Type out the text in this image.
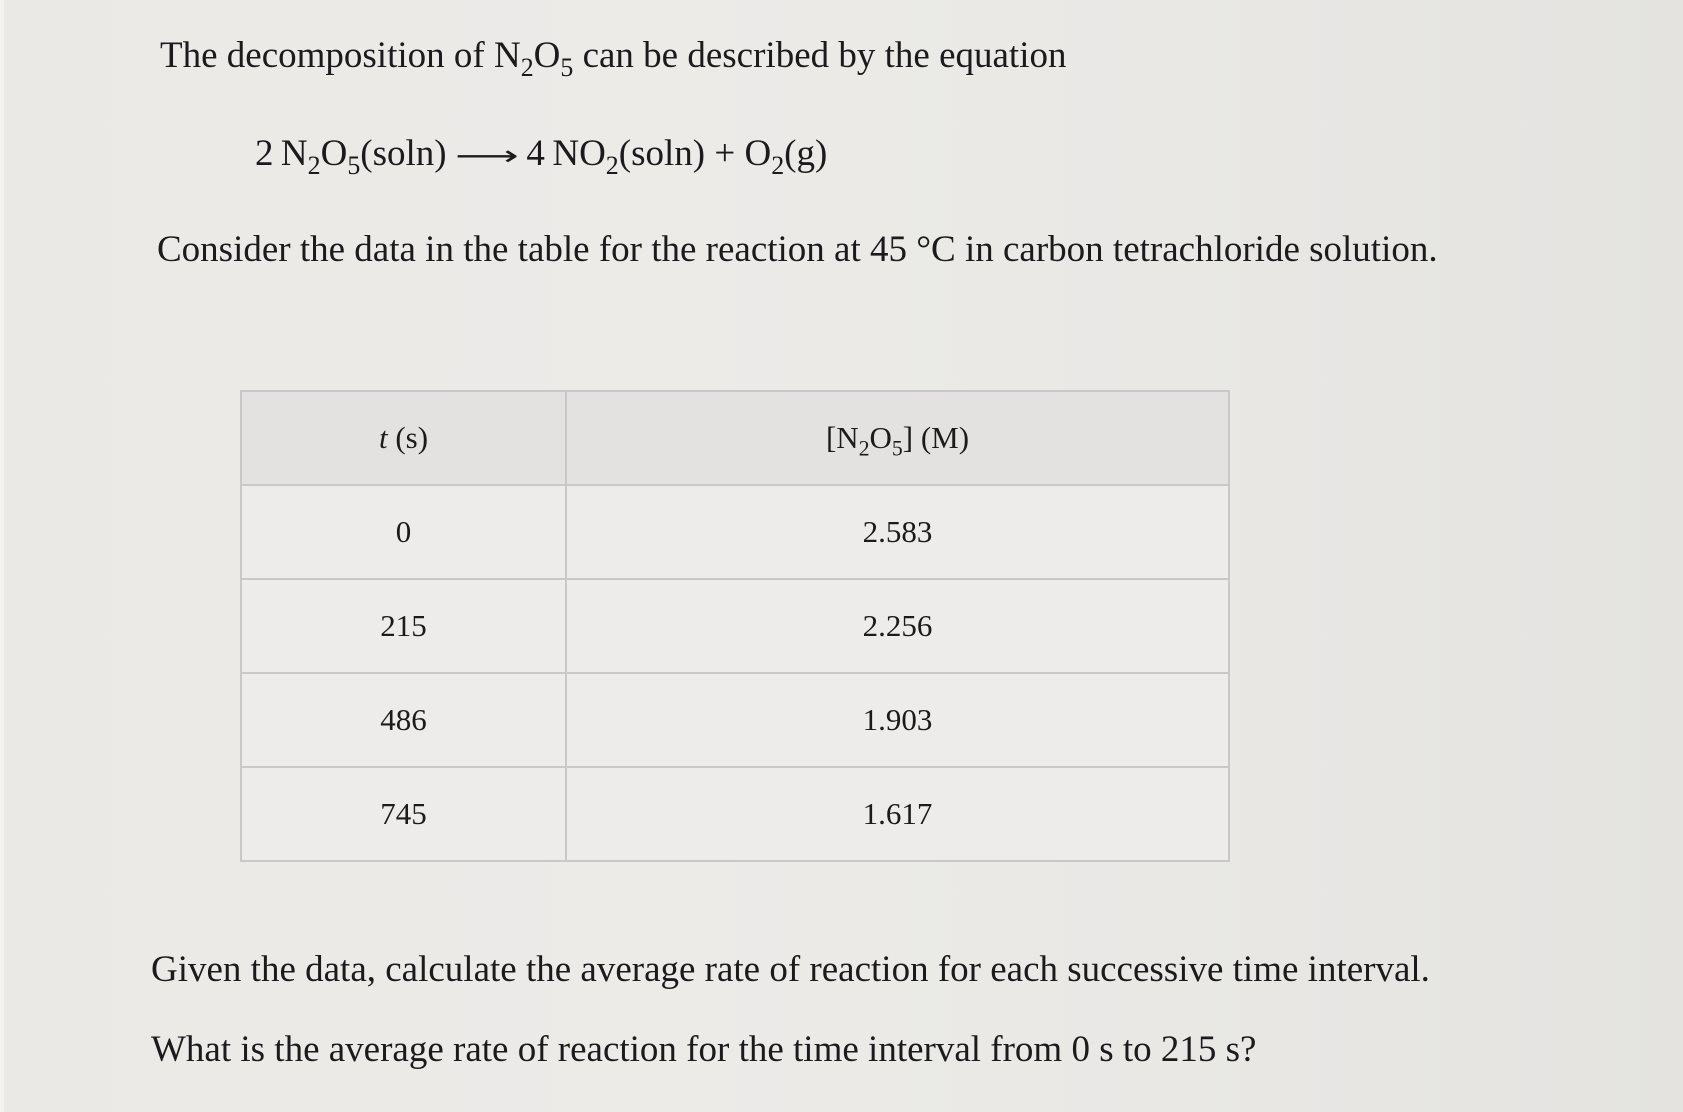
The decomposition of $N_2O_5$ can be described by the equation
2  $N_2O_5(soln)$ ⟶ 4  $NO_2(soln) + O_2(g)$
Consider the data in the table for the reaction at 45 °C in carbon tetrachloride solution.
t (s)	$[N_2O_5]$ (M)
0	2.583
215	2.256
486	1.903
745	1.617
Given the data, calculate the average rate of reaction for each successive time interval.
What is the average rate of reaction for the time interval from 0 s to 215 s?
